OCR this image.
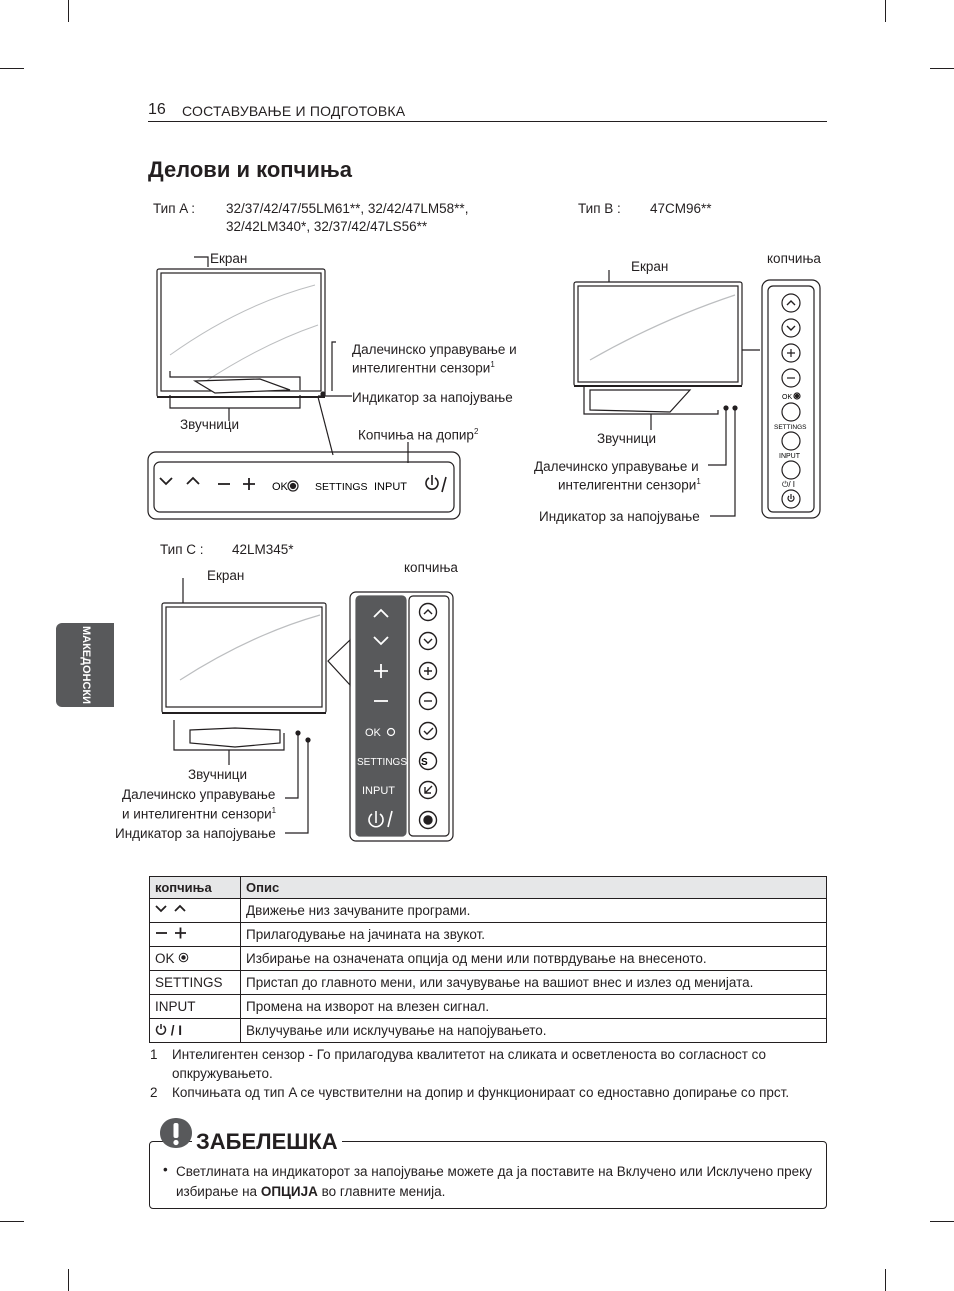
16 СОСТАВУВАЊЕ И ПОДГОТОВКА
Делови и копчиња
МАКЕДОНСКИ
Тип A : 32/37/42/47/55LM61**, 32/42/47LM58**,
32/42LM340*, 32/37/42/47LS56**
Тип B : 47CM96**
OK	SETTINGS INPUT
Екран
Далечинско управување и
интелигентни сензори$^1$
Индикатор за напојување
Звучници
Копчиња на допир$^2$
OK
SETTINGS
INPUT
⏻/ I
Екран
копчиња
Звучници
Далечинско управување и
интелигентни сензори$^1$
Индикатор за напојување
Тип C : 42LM345*
OK
SETTINGS
INPUT
S
Екран
копчиња
Звучници
Далечинско управување
и интелигентни сензори$^1$
Индикатор за напојување
копчиња	Опис
	Движење низ зачуваните програми.
	Прилагодување на јачината на звукот.
OK	Избирање на означената опција од мени или потврдување на внесеното.
SETTINGS	Пристап до главното мени, или зачувување на вашиот внес и излез од менијата.
INPUT	Промена на изворот на влезен сигнал.
/ I	Вклучување или исклучување на напојувањето.
1 Интелигентен сензор - Го прилагодува квалитетот на сликата и осветленоста во согласност со
опкружувањето.
2 Копчињата од тип A се чувствителни на допир и функционираат со едноставно допирање со прст.
ЗАБЕЛЕШКА
• Светлината на индикаторот за напојување можете да ја поставите на Вклучено или Исклучено преку избирање на ОПЦИЈА во главните менија.
